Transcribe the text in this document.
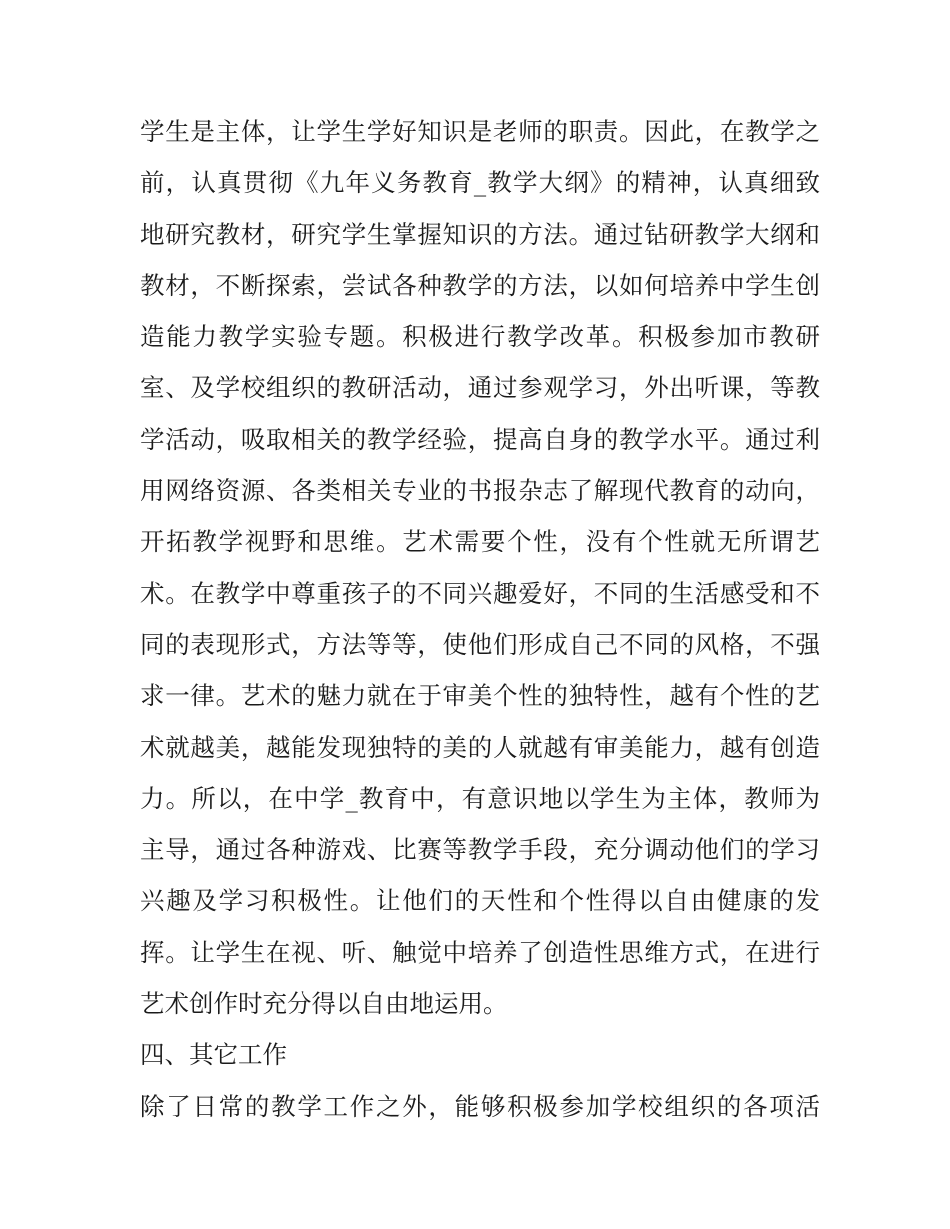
学生是主体，让学生学好知识是老师的职责。因此，在教学之
前，认真贯彻《九年义务教育_教学大纲》的精神，认真细致
地研究教材，研究学生掌握知识的方法。通过钻研教学大纲和
教材，不断探索，尝试各种教学的方法，以如何培养中学生创
造能力教学实验专题。积极进行教学改革。积极参加市教研
室、及学校组织的教研活动，通过参观学习，外出听课，等教
学活动，吸取相关的教学经验，提高自身的教学水平。通过利
用网络资源、各类相关专业的书报杂志了解现代教育的动向，
开拓教学视野和思维。艺术需要个性，没有个性就无所谓艺
术。在教学中尊重孩子的不同兴趣爱好，不同的生活感受和不
同的表现形式，方法等等，使他们形成自己不同的风格，不强
求一律。艺术的魅力就在于审美个性的独特性，越有个性的艺
术就越美，越能发现独特的美的人就越有审美能力，越有创造
力。所以，在中学_教育中，有意识地以学生为主体，教师为
主导，通过各种游戏、比赛等教学手段，充分调动他们的学习
兴趣及学习积极性。让他们的天性和个性得以自由健康的发
挥。让学生在视、听、触觉中培养了创造性思维方式，在进行
艺术创作时充分得以自由地运用。
四、其它工作
除了日常的教学工作之外，能够积极参加学校组织的各项活
